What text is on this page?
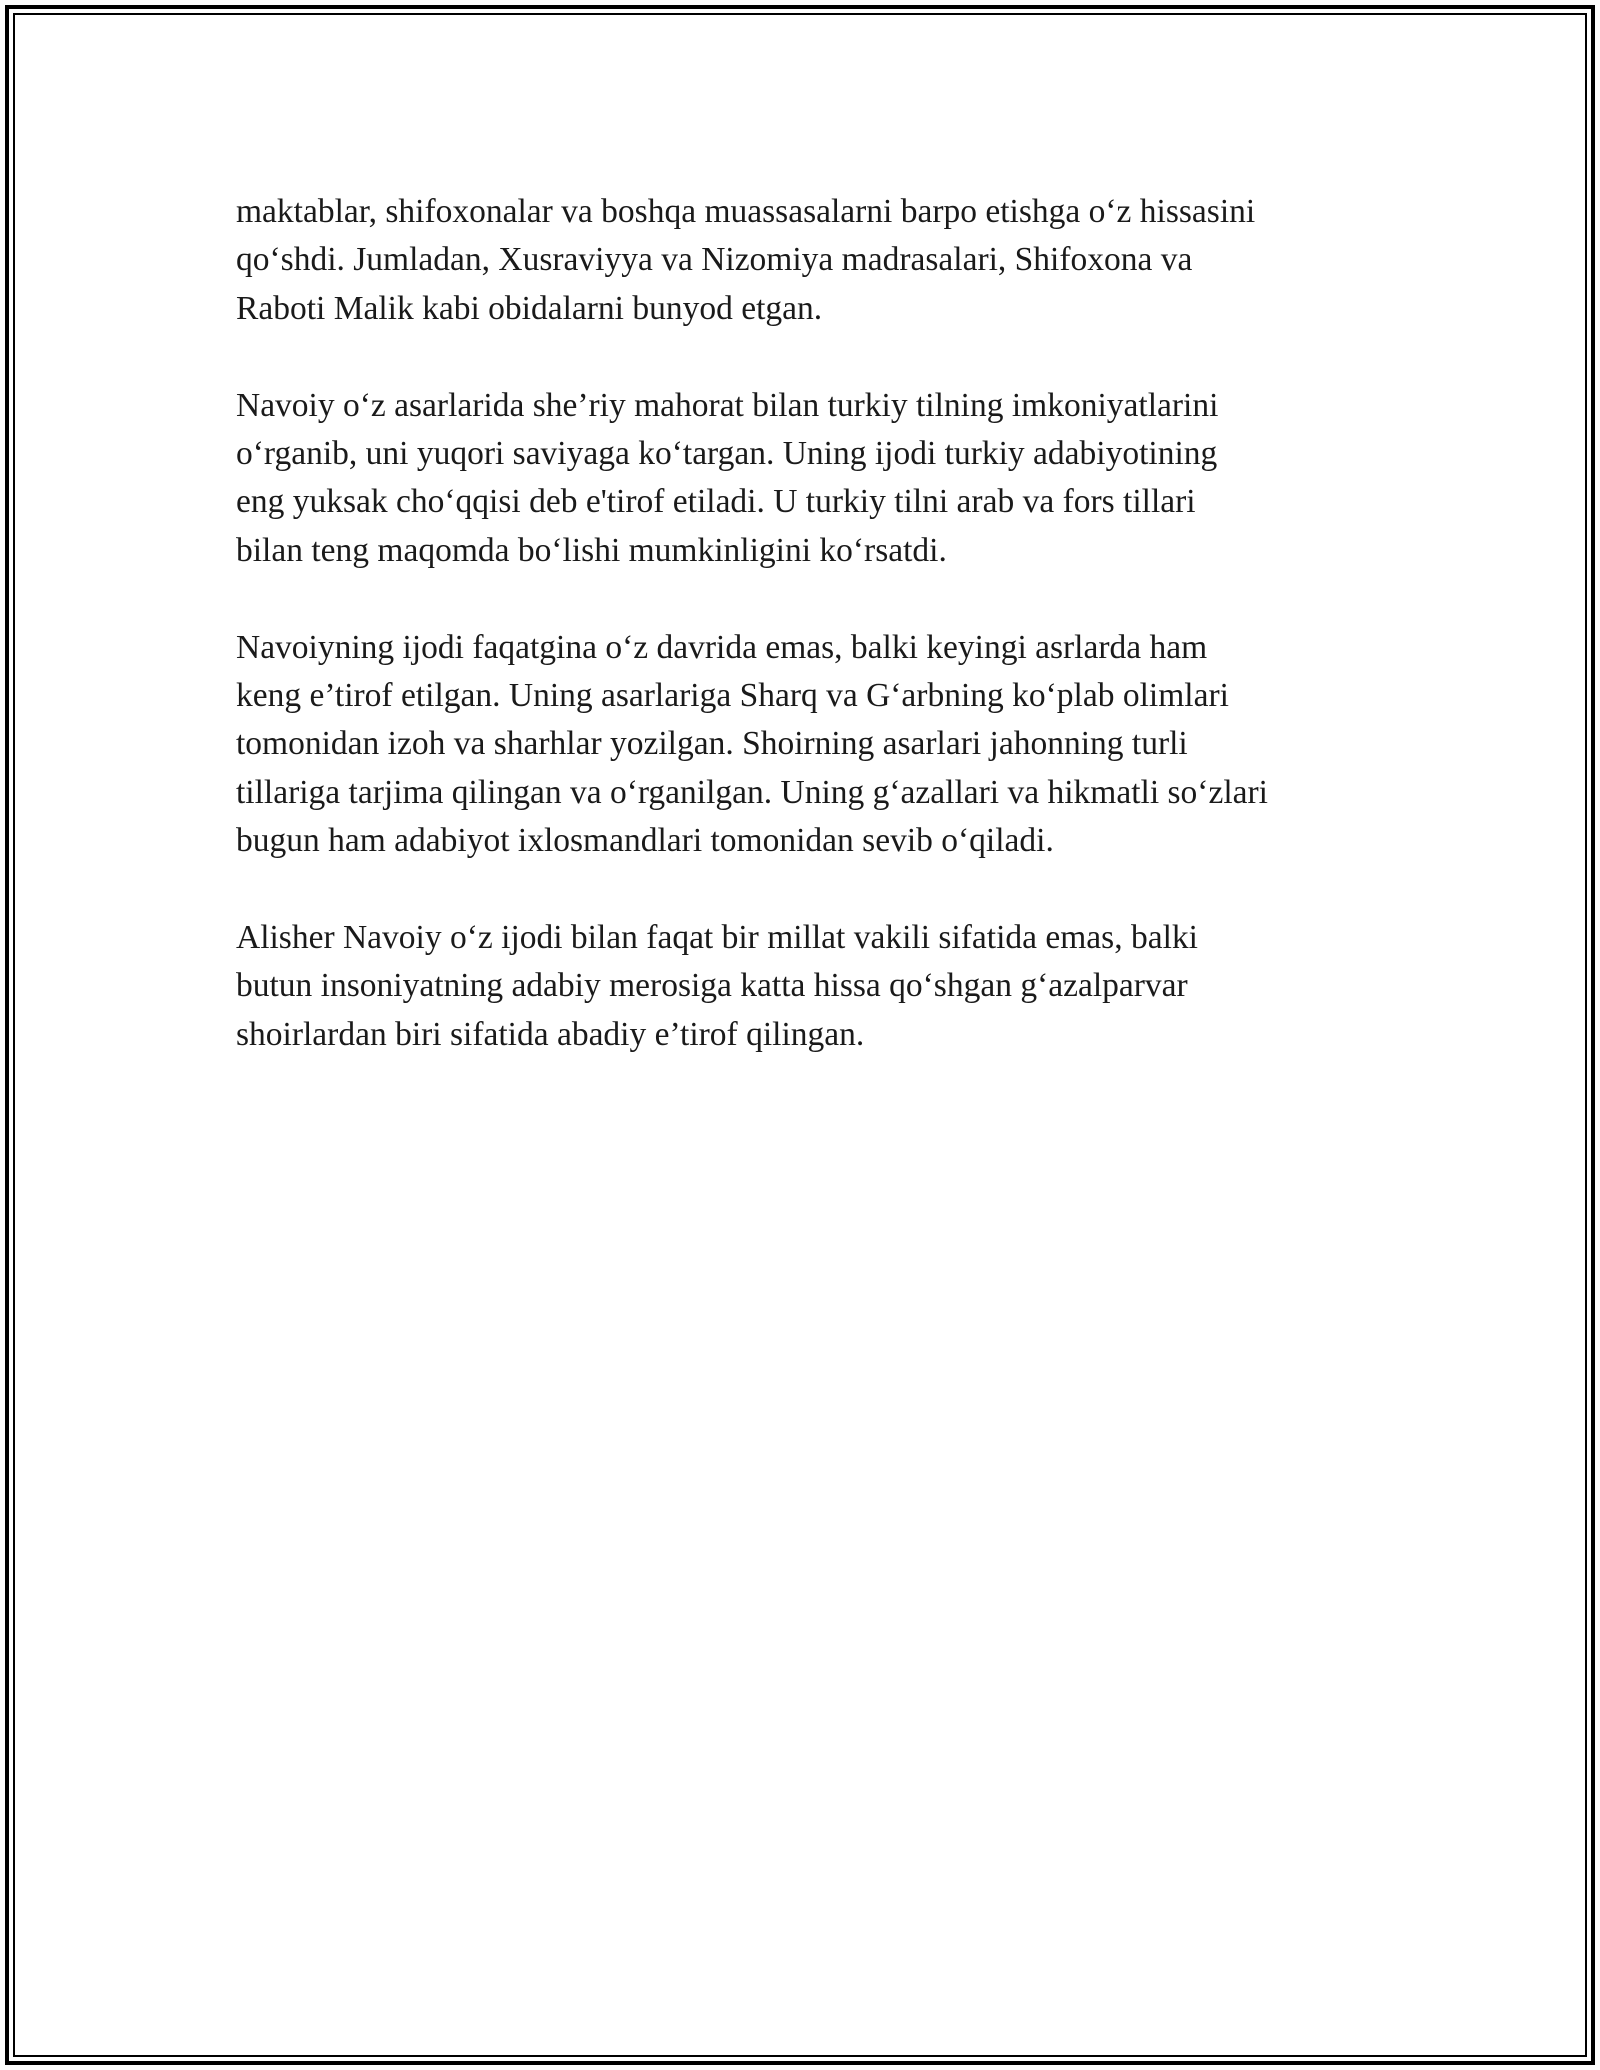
maktablar, shifoxonalar va boshqa muassasalarni barpo etishga o‘z hissasini
qo‘shdi. Jumladan, Xusraviyya va Nizomiya madrasalari, Shifoxona va
Raboti Malik kabi obidalarni bunyod etgan.

Navoiy o‘z asarlarida she’riy mahorat bilan turkiy tilning imkoniyatlarini
o‘rganib, uni yuqori saviyaga ko‘targan. Uning ijodi turkiy adabiyotining
eng yuksak cho‘qqisi deb e'tirof etiladi. U turkiy tilni arab va fors tillari
bilan teng maqomda bo‘lishi mumkinligini ko‘rsatdi.

Navoiyning ijodi faqatgina o‘z davrida emas, balki keyingi asrlarda ham
keng e’tirof etilgan. Uning asarlariga Sharq va G‘arbning ko‘plab olimlari
tomonidan izoh va sharhlar yozilgan. Shoirning asarlari jahonning turli
tillariga tarjima qilingan va o‘rganilgan. Uning g‘azallari va hikmatli so‘zlari
bugun ham adabiyot ixlosmandlari tomonidan sevib o‘qiladi.

Alisher Navoiy o‘z ijodi bilan faqat bir millat vakili sifatida emas, balki
butun insoniyatning adabiy merosiga katta hissa qo‘shgan g‘azalparvar
shoirlardan biri sifatida abadiy e’tirof qilingan.
